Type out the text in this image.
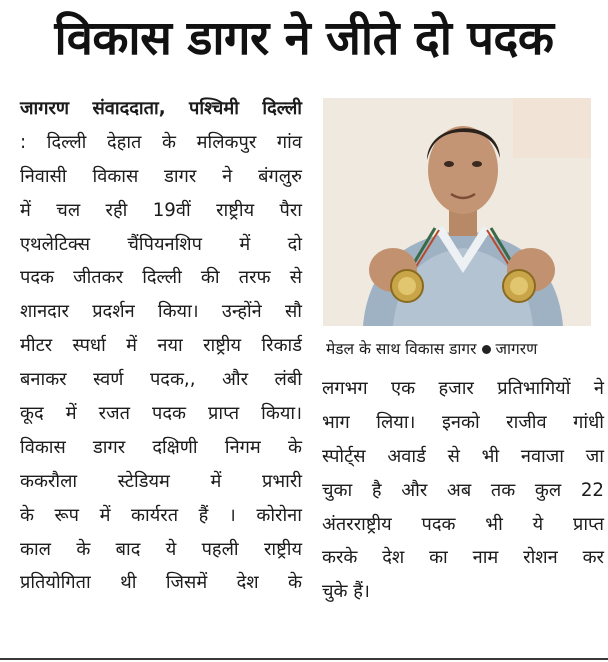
विकास डागर ने जीते दो पदक
जागरण संवाददाता, पश्चिमी दिल्ली
: दिल्ली देहात के मलिकपुर गांव
निवासी विकास डागर ने बंगलुरु
में चल रही 19वीं राष्ट्रीय पैरा
एथलेटिक्स चैंपियनशिप में दो
पदक जीतकर दिल्ली की तरफ से
शानदार प्रदर्शन किया। उन्होंने सौ
मीटर स्पर्धा में नया राष्ट्रीय रिकार्ड
बनाकर स्वर्ण पदक,, और लंबी
कूद में रजत पदक प्राप्त किया।
विकास डागर दक्षिणी निगम के
ककरौला स्टेडियम में प्रभारी
के रूप में कार्यरत हैं । कोरोना
काल के बाद ये पहली राष्ट्रीय
प्रतियोगिता थी जिसमें देश के
मेडल के साथ विकास डागर जागरण
लगभग एक हजार प्रतिभागियों ने
भाग लिया। इनको राजीव गांधी
स्पोर्ट्स अवार्ड से भी नवाजा जा
चुका है और अब तक कुल 22
अंतरराष्ट्रीय पदक भी ये प्राप्त
करके देश का नाम रोशन कर
चुके हैं।
